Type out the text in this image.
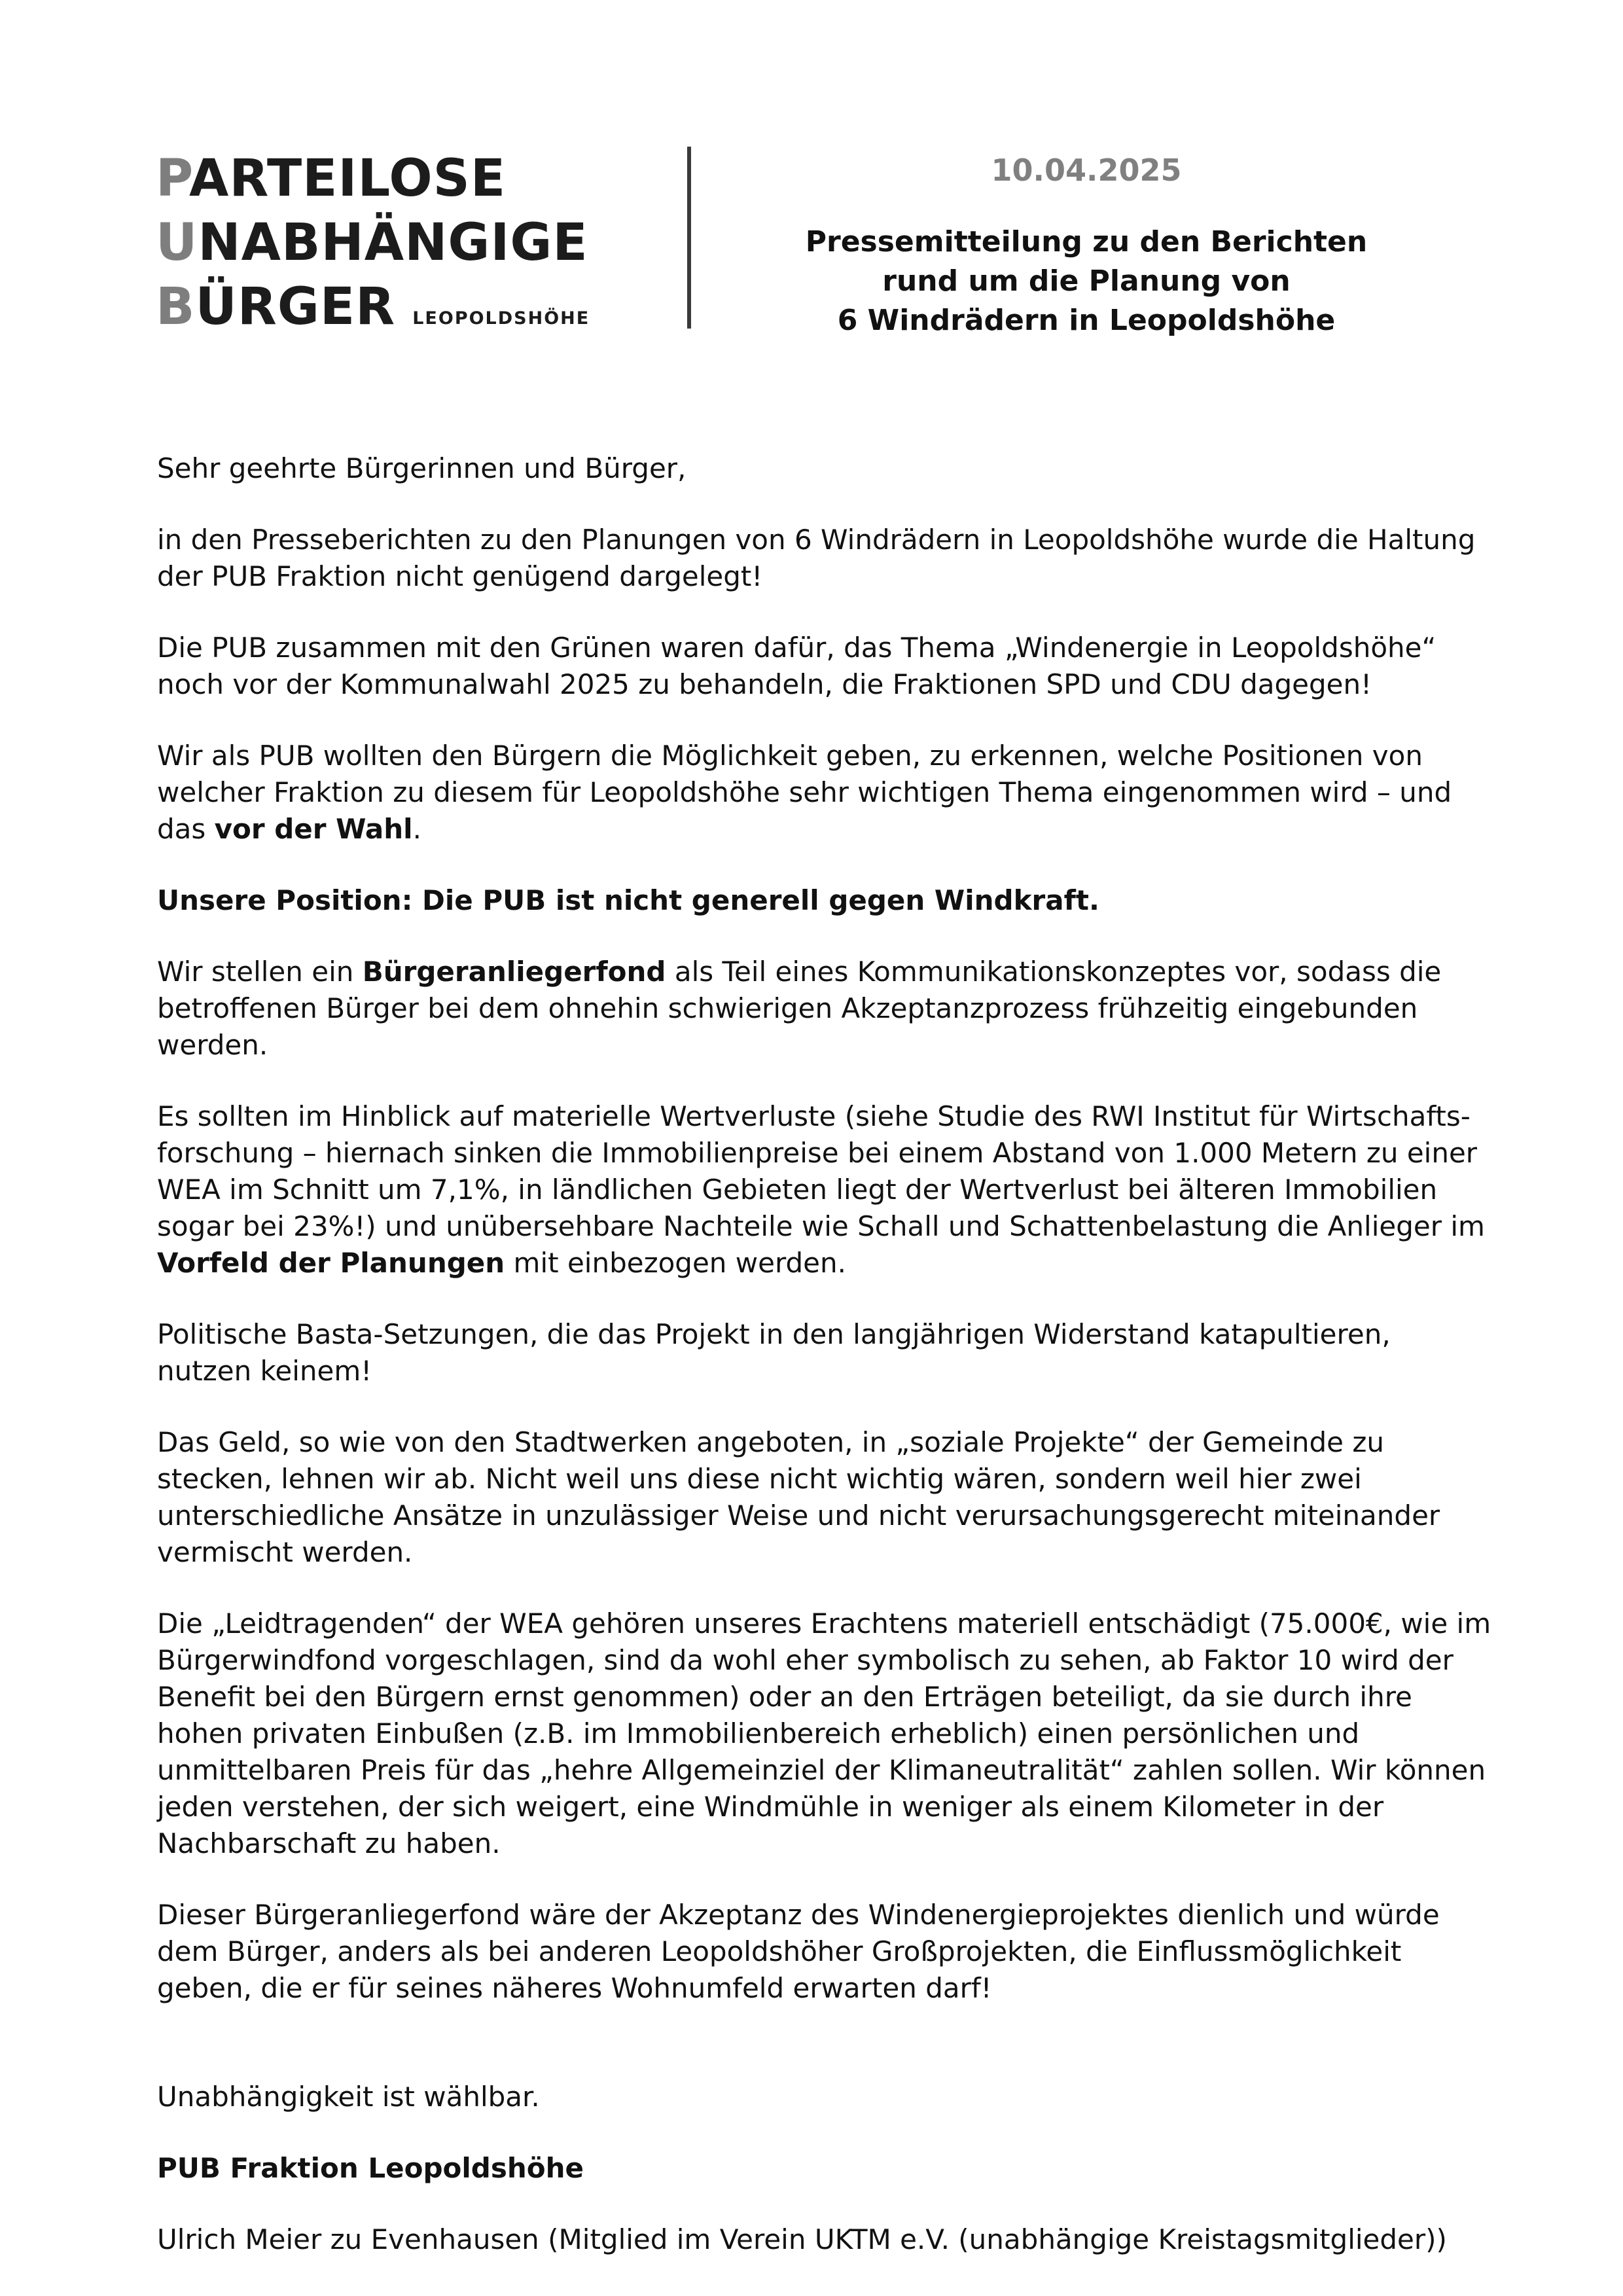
PARTEILOSE
UNABHÄNGIGE
BÜRGER LEOPOLDSHÖHE
10.04.2025
Pressemitteilung zu den Berichten
rund um die Planung von
6 Windrädern in Leopoldshöhe

Sehr geehrte Bürgerinnen und Bürger,

in den Presseberichten zu den Planungen von 6 Windrädern in Leopoldshöhe wurde die Haltung der PUB Fraktion nicht genügend dargelegt!

Die PUB zusammen mit den Grünen waren dafür, das Thema „Windenergie in Leopoldshöhe“ noch vor der Kommunalwahl 2025 zu behandeln, die Fraktionen SPD und CDU dagegen!

Wir als PUB wollten den Bürgern die Möglichkeit geben, zu erkennen, welche Positionen von welcher Fraktion zu diesem für Leopoldshöhe sehr wichtigen Thema eingenommen wird – und das vor der Wahl.

Unsere Position: Die PUB ist nicht generell gegen Windkraft.

Wir stellen ein Bürgeranliegerfond als Teil eines Kommunikationskonzeptes vor, sodass die betroffenen Bürger bei dem ohnehin schwierigen Akzeptanzprozess frühzeitig eingebunden werden.

Es sollten im Hinblick auf materielle Wertverluste (siehe Studie des RWI Institut für Wirtschafts-forschung – hiernach sinken die Immobilienpreise bei einem Abstand von 1.000 Metern zu einer WEA im Schnitt um 7,1%, in ländlichen Gebieten liegt der Wertverlust bei älteren Immobilien sogar bei 23%!) und unübersehbare Nachteile wie Schall und Schattenbelastung die Anlieger im Vorfeld der Planungen mit einbezogen werden.

Politische Basta-Setzungen, die das Projekt in den langjährigen Widerstand katapultieren, nutzen keinem!

Das Geld, so wie von den Stadtwerken angeboten, in „soziale Projekte“ der Gemeinde zu stecken, lehnen wir ab. Nicht weil uns diese nicht wichtig wären, sondern weil hier zwei unterschiedliche Ansätze in unzulässiger Weise und nicht verursachungsgerecht miteinander vermischt werden.

Die „Leidtragenden“ der WEA gehören unseres Erachtens materiell entschädigt (75.000€, wie im Bürgerwindfond vorgeschlagen, sind da wohl eher symbolisch zu sehen, ab Faktor 10 wird der Benefit bei den Bürgern ernst genommen) oder an den Erträgen beteiligt, da sie durch ihre hohen privaten Einbußen (z.B. im Immobilienbereich erheblich) einen persönlichen und unmittelbaren Preis für das „hehre Allgemeinziel der Klimaneutralität“ zahlen sollen. Wir können jeden verstehen, der sich weigert, eine Windmühle in weniger als einem Kilometer in der Nachbarschaft zu haben.

Dieser Bürgeranliegerfond wäre der Akzeptanz des Windenergieprojektes dienlich und würde dem Bürger, anders als bei anderen Leopoldshöher Großprojekten, die Einflussmöglichkeit geben, die er für seines näheres Wohnumfeld erwarten darf!

Unabhängigkeit ist wählbar.

PUB Fraktion Leopoldshöhe

Ulrich Meier zu Evenhausen (Mitglied im Verein UKTM e.V. (unabhängige Kreistagsmitglieder))
